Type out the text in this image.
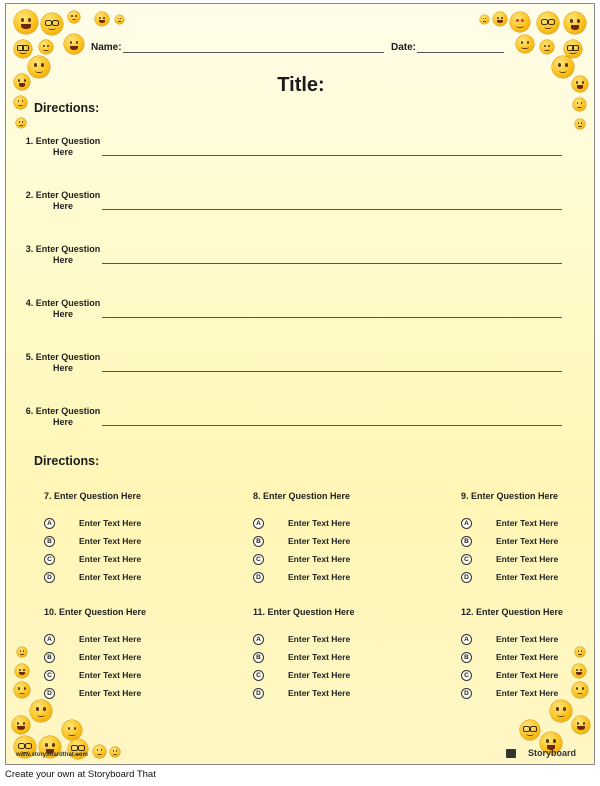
Name:	Date:
Title:
Directions:
1. Enter Question
Here
2. Enter Question
Here
3. Enter Question
Here
4. Enter Question
Here
5. Enter Question
Here
6. Enter Question
Here
Directions:
7. Enter Question Here
A	Enter Text Here
B	Enter Text Here
C	Enter Text Here
D	Enter Text Here
8. Enter Question Here
A	Enter Text Here
B	Enter Text Here
C	Enter Text Here
D	Enter Text Here
9. Enter Question Here
A	Enter Text Here
B	Enter Text Here
C	Enter Text Here
D	Enter Text Here
10. Enter Question Here
A	Enter Text Here
B	Enter Text Here
C	Enter Text Here
D	Enter Text Here
11. Enter Question Here
A	Enter Text Here
B	Enter Text Here
C	Enter Text Here
D	Enter Text Here
12. Enter Question Here
A	Enter Text Here
B	Enter Text Here
C	Enter Text Here
D	Enter Text Here
www.storyboardthat.com	Storyboard
Create your own at Storyboard That
